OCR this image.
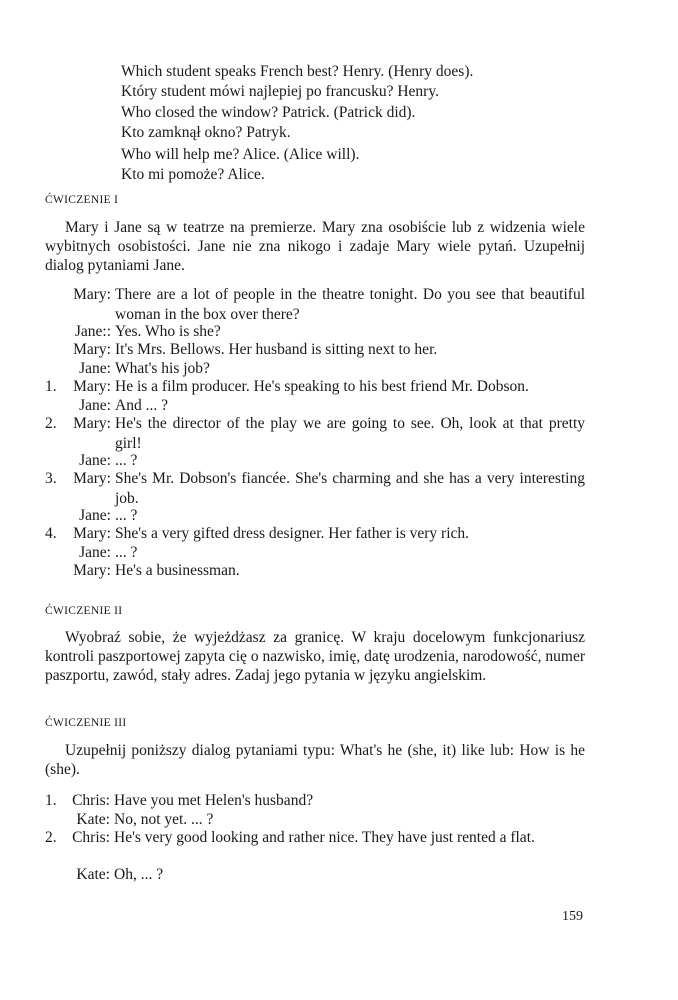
Which student speaks French best? Henry. (Henry does).
Który student mówi najlepiej po francusku? Henry.
Who closed the window? Patrick. (Patrick did).
Kto zamknął okno? Patryk.
Who will help me? Alice. (Alice will).
Kto mi pomoże? Alice.
ĆWICZENIE I
Mary i Jane są w teatrze na premierze. Mary zna osobiście lub z widzenia wiele wybitnych osobistości. Jane nie zna nikogo i zadaje Mary wiele pytań. Uzupełnij dialog pytaniami Jane.
Mary: There are a lot of people in the theatre tonight. Do you see that beautiful woman in the box over there?
Jane:: Yes. Who is she?
Mary: It's Mrs. Bellows. Her husband is sitting next to her.
Jane: What's his job?
1.	Mary: He is a film producer. He's speaking to his best friend Mr. Dobson.
Jane: And ... ?
2.	Mary: He's the director of the play we are going to see. Oh, look at that pretty girl!
Jane: ... ?
3.	Mary: She's Mr. Dobson's fiancée. She's charming and she has a very interesting job.
Jane: ... ?
4.	Mary: She's a very gifted dress designer. Her father is very rich.
Jane: ... ?
Mary: He's a businessman.
ĆWICZENIE II
Wyobraź sobie, że wyjeżdżasz za granicę. W kraju docelowym funkcjonariusz kontroli paszportowej zapyta cię o nazwisko, imię, datę urodzenia, narodowość, numer paszportu, zawód, stały adres. Zadaj jego pytania w języku angielskim.
ĆWICZENIE III
Uzupełnij poniższy dialog pytaniami typu: What's he (she, it) like lub: How is he (she).
1. Chris: Have you met Helen's husband?
Kate: No, not yet. ... ?
2. Chris: He's very good looking and rather nice. They have just rented a flat.
Kate: Oh, ... ?
159
